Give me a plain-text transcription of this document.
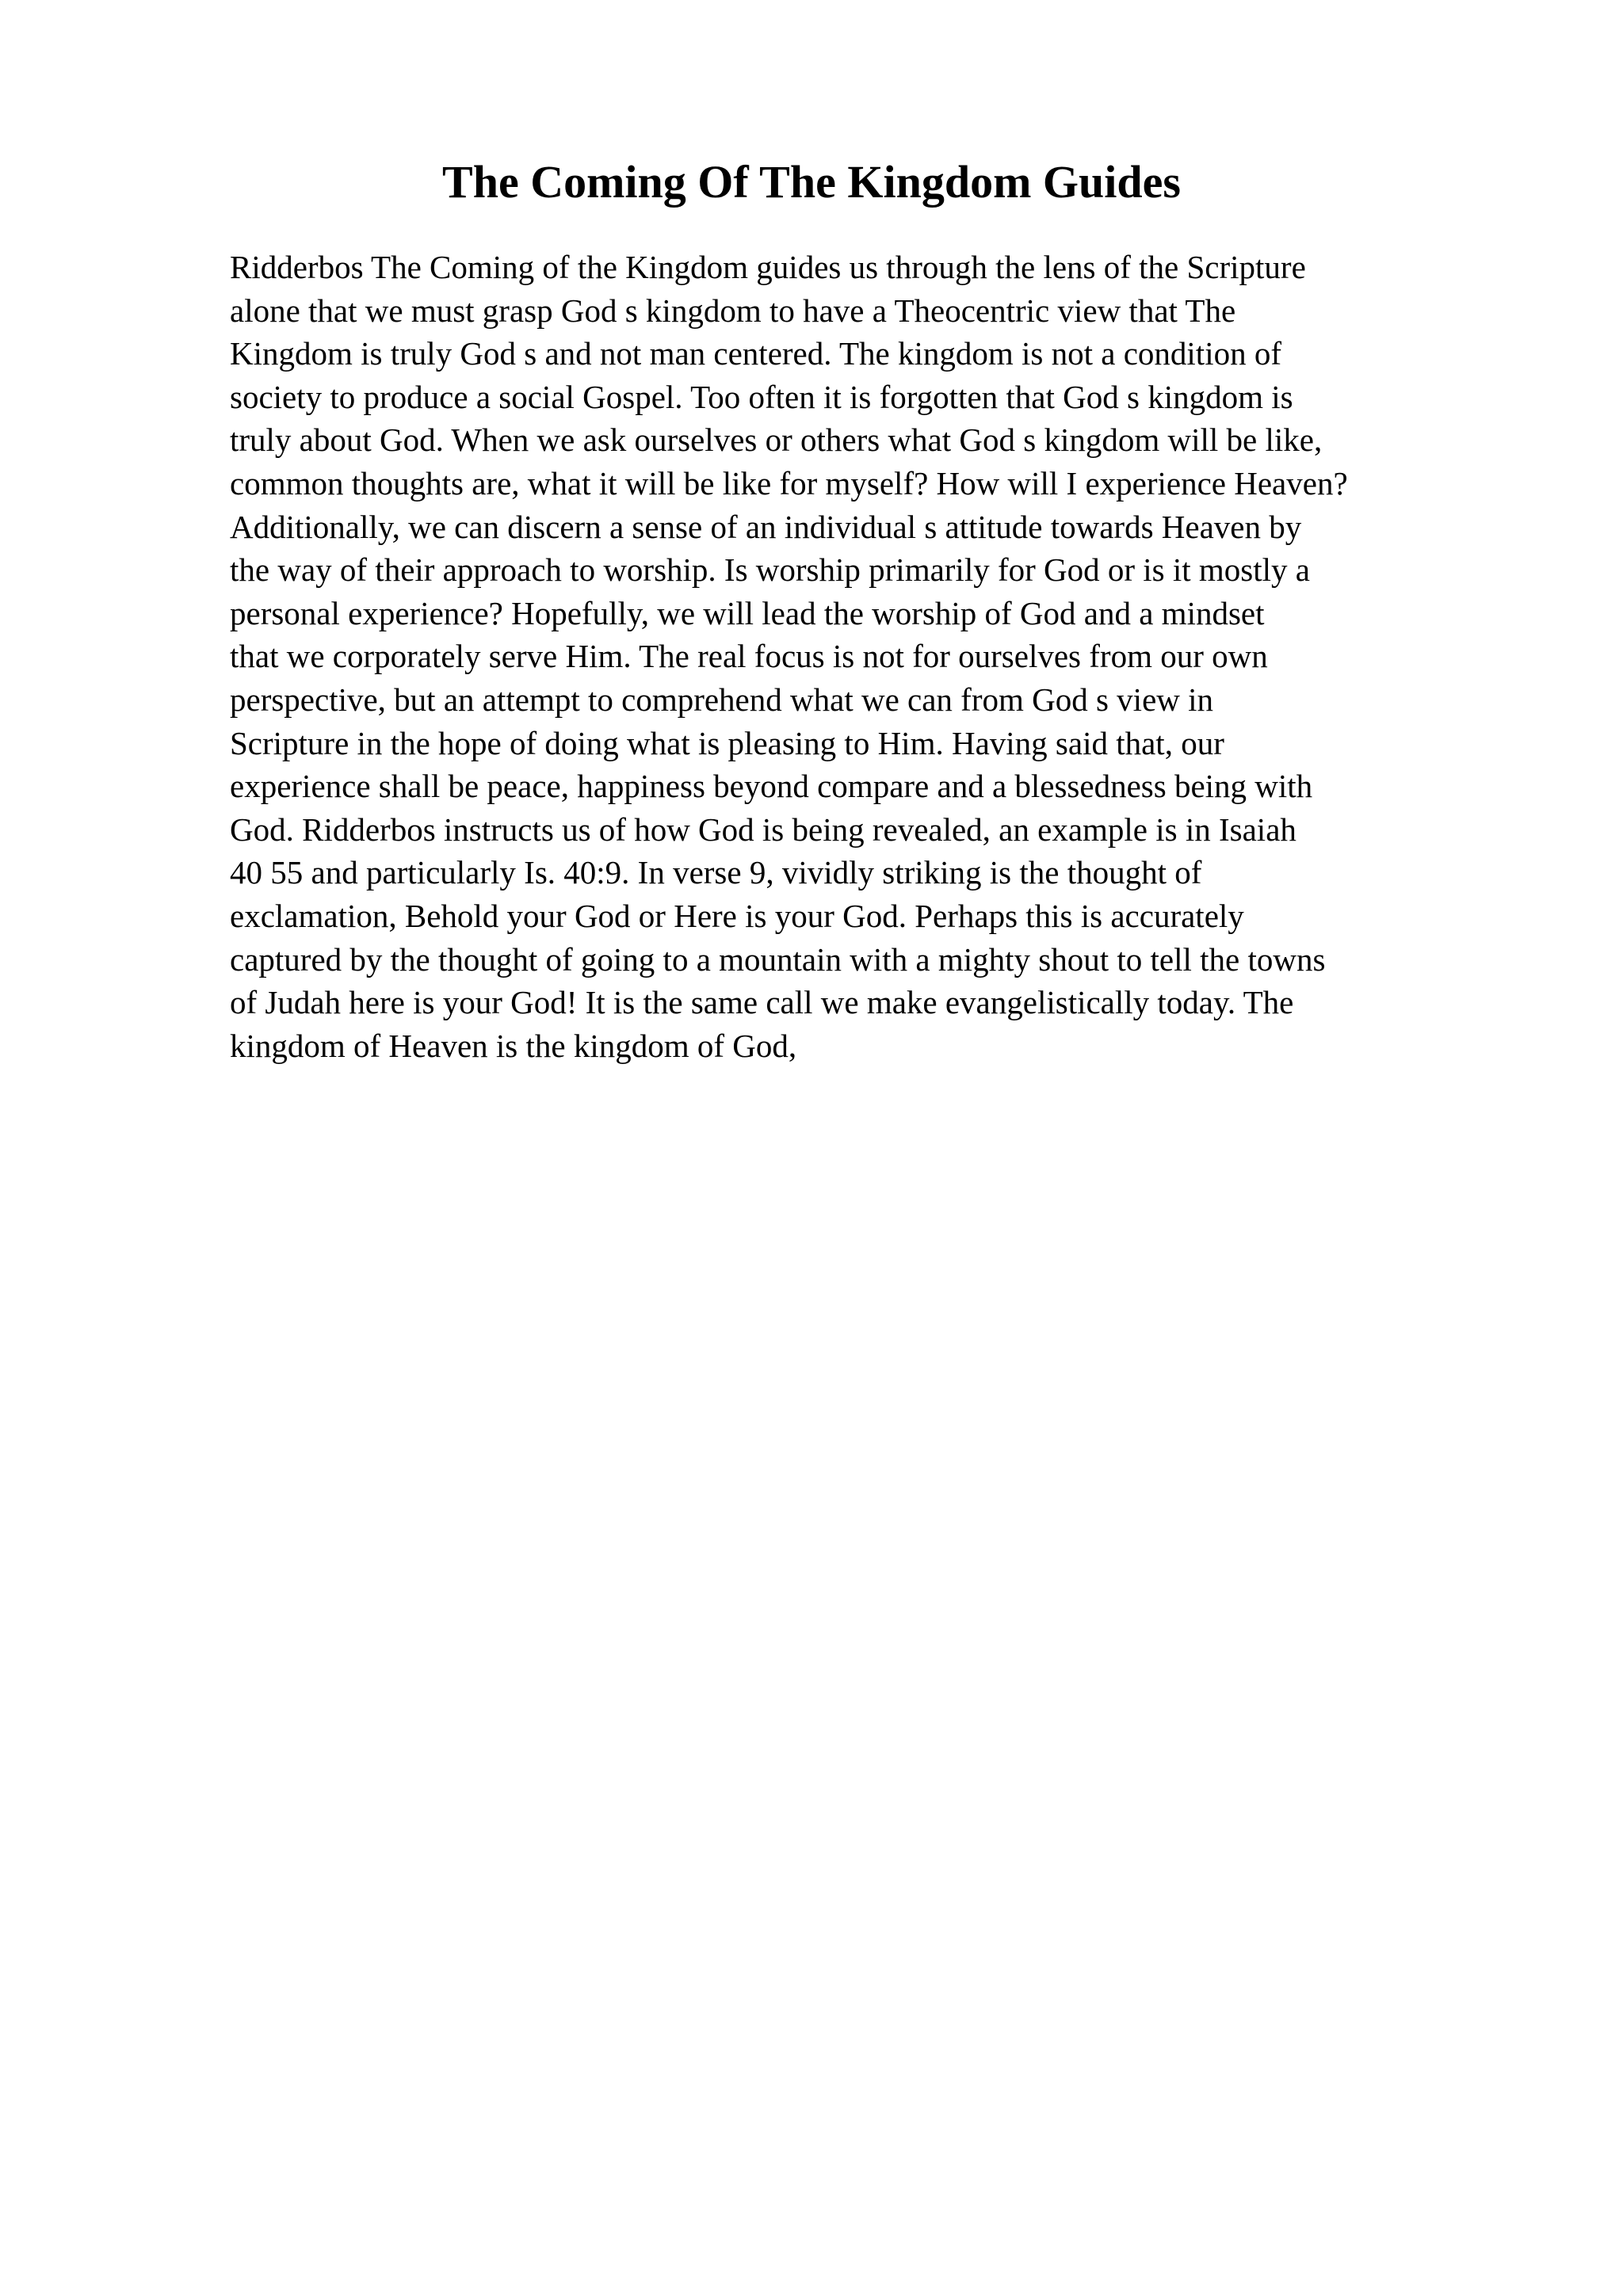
The Coming Of The Kingdom Guides
Ridderbos The Coming of the Kingdom guides us through the lens of the Scripture
alone that we must grasp God s kingdom to have a Theocentric view that The
Kingdom is truly God s and not man centered. The kingdom is not a condition of
society to produce a social Gospel. Too often it is forgotten that God s kingdom is
truly about God. When we ask ourselves or others what God s kingdom will be like,
common thoughts are, what it will be like for myself? How will I experience Heaven?
Additionally, we can discern a sense of an individual s attitude towards Heaven by
the way of their approach to worship. Is worship primarily for God or is it mostly a
personal experience? Hopefully, we will lead the worship of God and a mindset
that we corporately serve Him. The real focus is not for ourselves from our own
perspective, but an attempt to comprehend what we can from God s view in
Scripture in the hope of doing what is pleasing to Him. Having said that, our
experience shall be peace, happiness beyond compare and a blessedness being with
God. Ridderbos instructs us of how God is being revealed, an example is in Isaiah
40 55 and particularly Is. 40:9. In verse 9, vividly striking is the thought of
exclamation, Behold your God or Here is your God. Perhaps this is accurately
captured by the thought of going to a mountain with a mighty shout to tell the towns
of Judah here is your God! It is the same call we make evangelistically today. The
kingdom of Heaven is the kingdom of God,
